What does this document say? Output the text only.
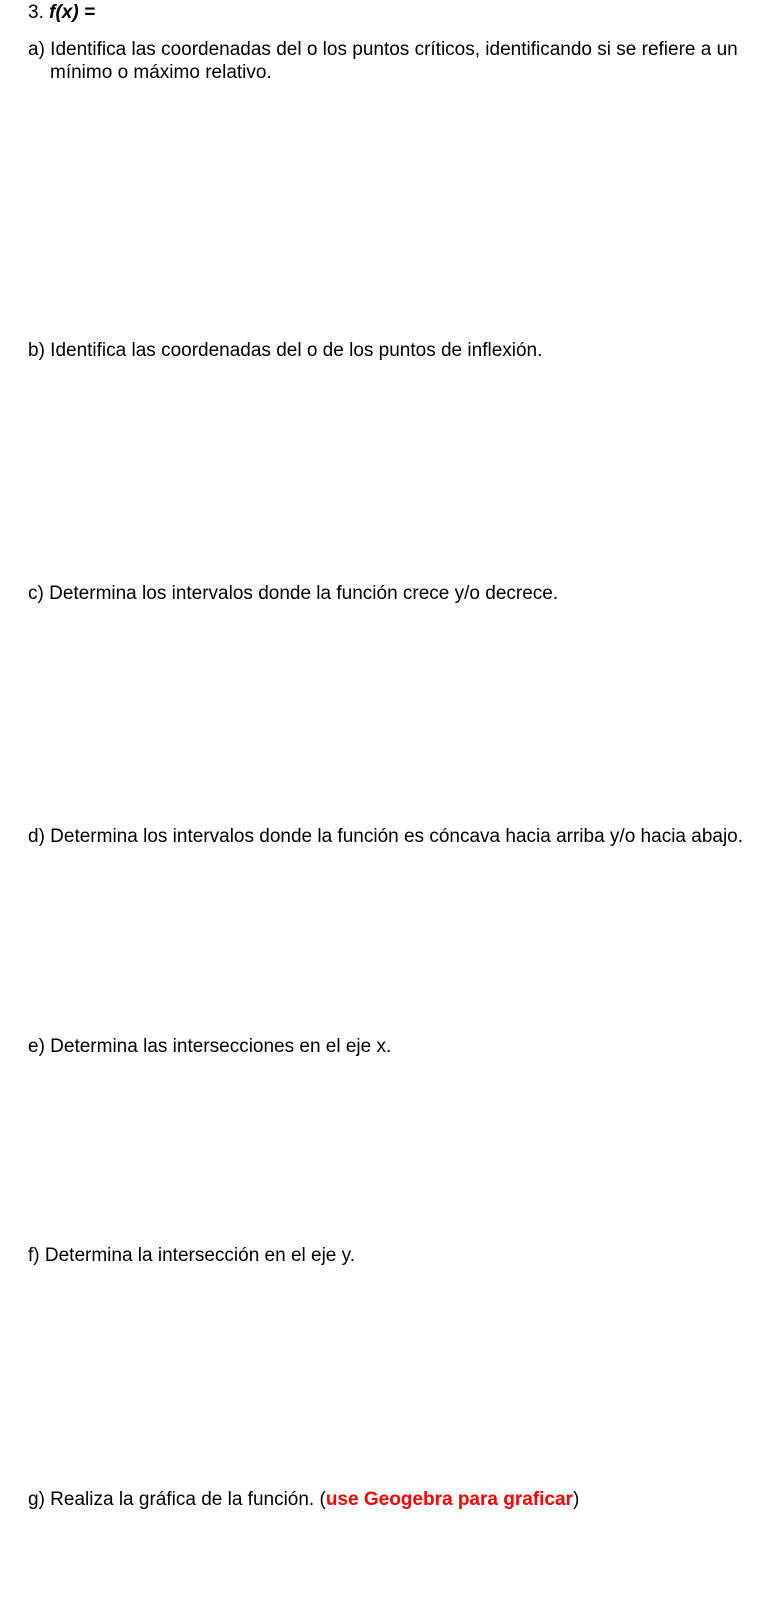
3. f(x) =
a) Identifica las coordenadas del o los puntos críticos, identificando si se refiere a un
mínimo o máximo relativo.
b) Identifica las coordenadas del o de los puntos de inflexión.
c) Determina los intervalos donde la función crece y/o decrece.
d) Determina los intervalos donde la función es cóncava hacia arriba y/o hacia abajo.
e) Determina las intersecciones en el eje x.
f) Determina la intersección en el eje y.
g) Realiza la gráfica de la función. (use Geogebra para graficar)
